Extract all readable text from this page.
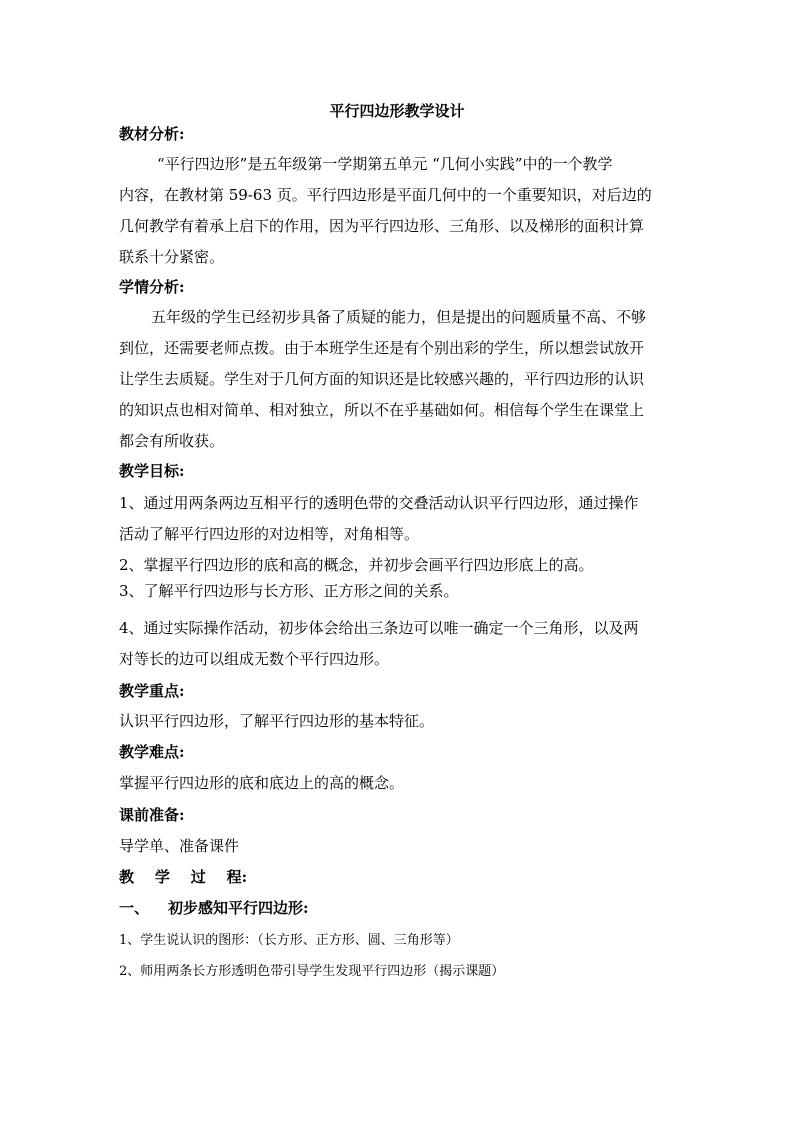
平行四边形教学设计
教材分析:
“平行四边形”是五年级第一学期第五单元 “几何小实践”中的一个教学
内容，在教材第 59-63 页。平行四边形是平面几何中的一个重要知识，对后边的
几何教学有着承上启下的作用，因为平行四边形、三角形、以及梯形的面积计算
联系十分紧密。
学情分析:
五年级的学生已经初步具备了质疑的能力，但是提出的问题质量不高、不够
到位，还需要老师点拨。由于本班学生还是有个别出彩的学生，所以想尝试放开
让学生去质疑。学生对于几何方面的知识还是比较感兴趣的，平行四边形的认识
的知识点也相对简单、相对独立，所以不在乎基础如何。相信每个学生在课堂上
都会有所收获。
教学目标:
1、通过用两条两边互相平行的透明色带的交叠活动认识平行四边形，通过操作
活动了解平行四边形的对边相等，对角相等。
2、掌握平行四边形的底和高的概念，并初步会画平行四边形底上的高。
3、了解平行四边形与长方形、正方形之间的关系。
4、通过实际操作活动，初步体会给出三条边可以唯一确定一个三角形，以及两
对等长的边可以组成无数个平行四边形。
教学重点:
认识平行四边形，了解平行四边形的基本特征。
教学难点:
掌握平行四边形的底和底边上的高的概念。
课前准备:
导学单、准备课件
教    学    过    程:
一、 初步感知平行四边形:
1、学生说认识的图形：（长方形、正方形、圆、三角形等）
2、师用两条长方形透明色带引导学生发现平行四边形（揭示课题）
